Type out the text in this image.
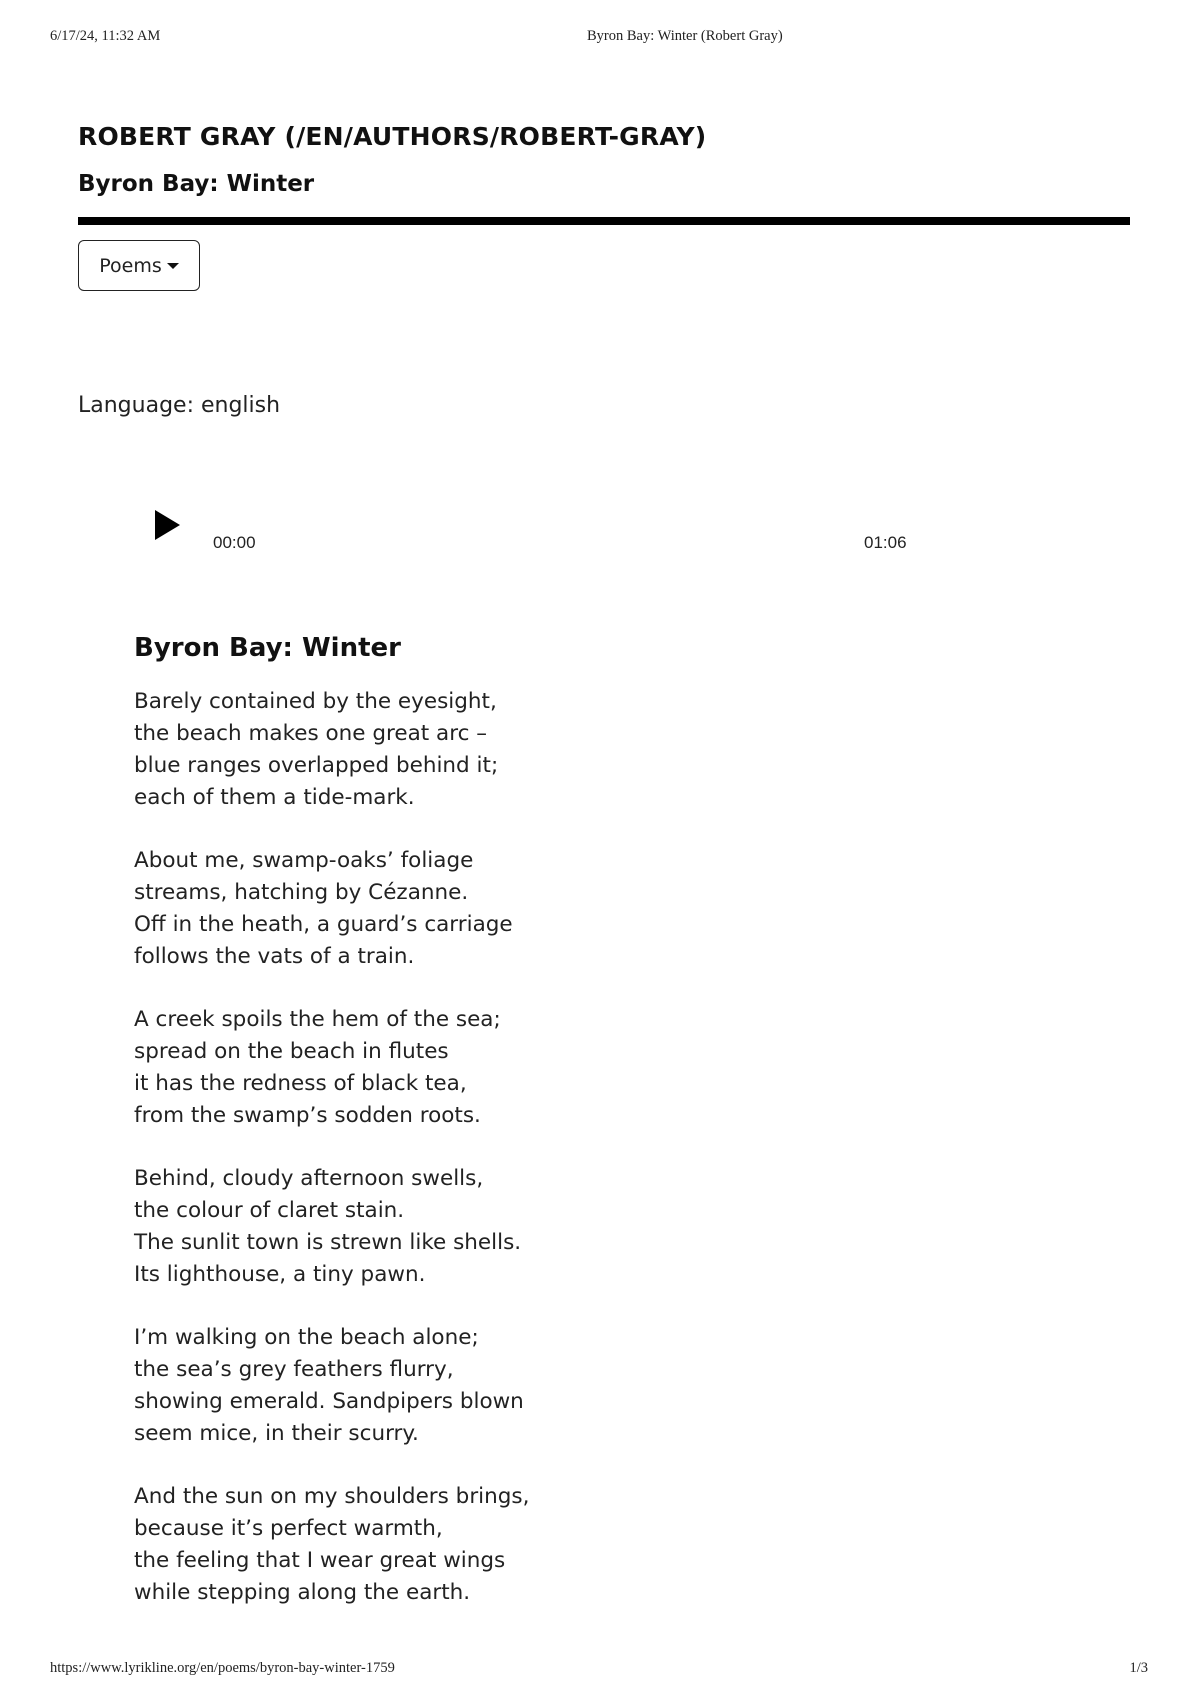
6/17/24, 11:32 AM	Byron Bay: Winter (Robert Gray)
ROBERT GRAY (/EN/AUTHORS/ROBERT-GRAY)
Byron Bay: Winter
Poems
Language: english
00:00	01:06
Byron Bay: Winter
Barely contained by the eyesight,
the beach makes one great arc –
blue ranges overlapped behind it;
each of them a tide-mark.
About me, swamp-oaks’ foliage
streams, hatching by Cézanne.
Off in the heath, a guard’s carriage
follows the vats of a train.
A creek spoils the hem of the sea;
spread on the beach in flutes
it has the redness of black tea,
from the swamp’s sodden roots.
Behind, cloudy afternoon swells,
the colour of claret stain.
The sunlit town is strewn like shells.
Its lighthouse, a tiny pawn.
I’m walking on the beach alone;
the sea’s grey feathers flurry,
showing emerald. Sandpipers blown
seem mice, in their scurry.
And the sun on my shoulders brings,
because it’s perfect warmth,
the feeling that I wear great wings
while stepping along the earth.
https://www.lyrikline.org/en/poems/byron-bay-winter-1759	1/3
